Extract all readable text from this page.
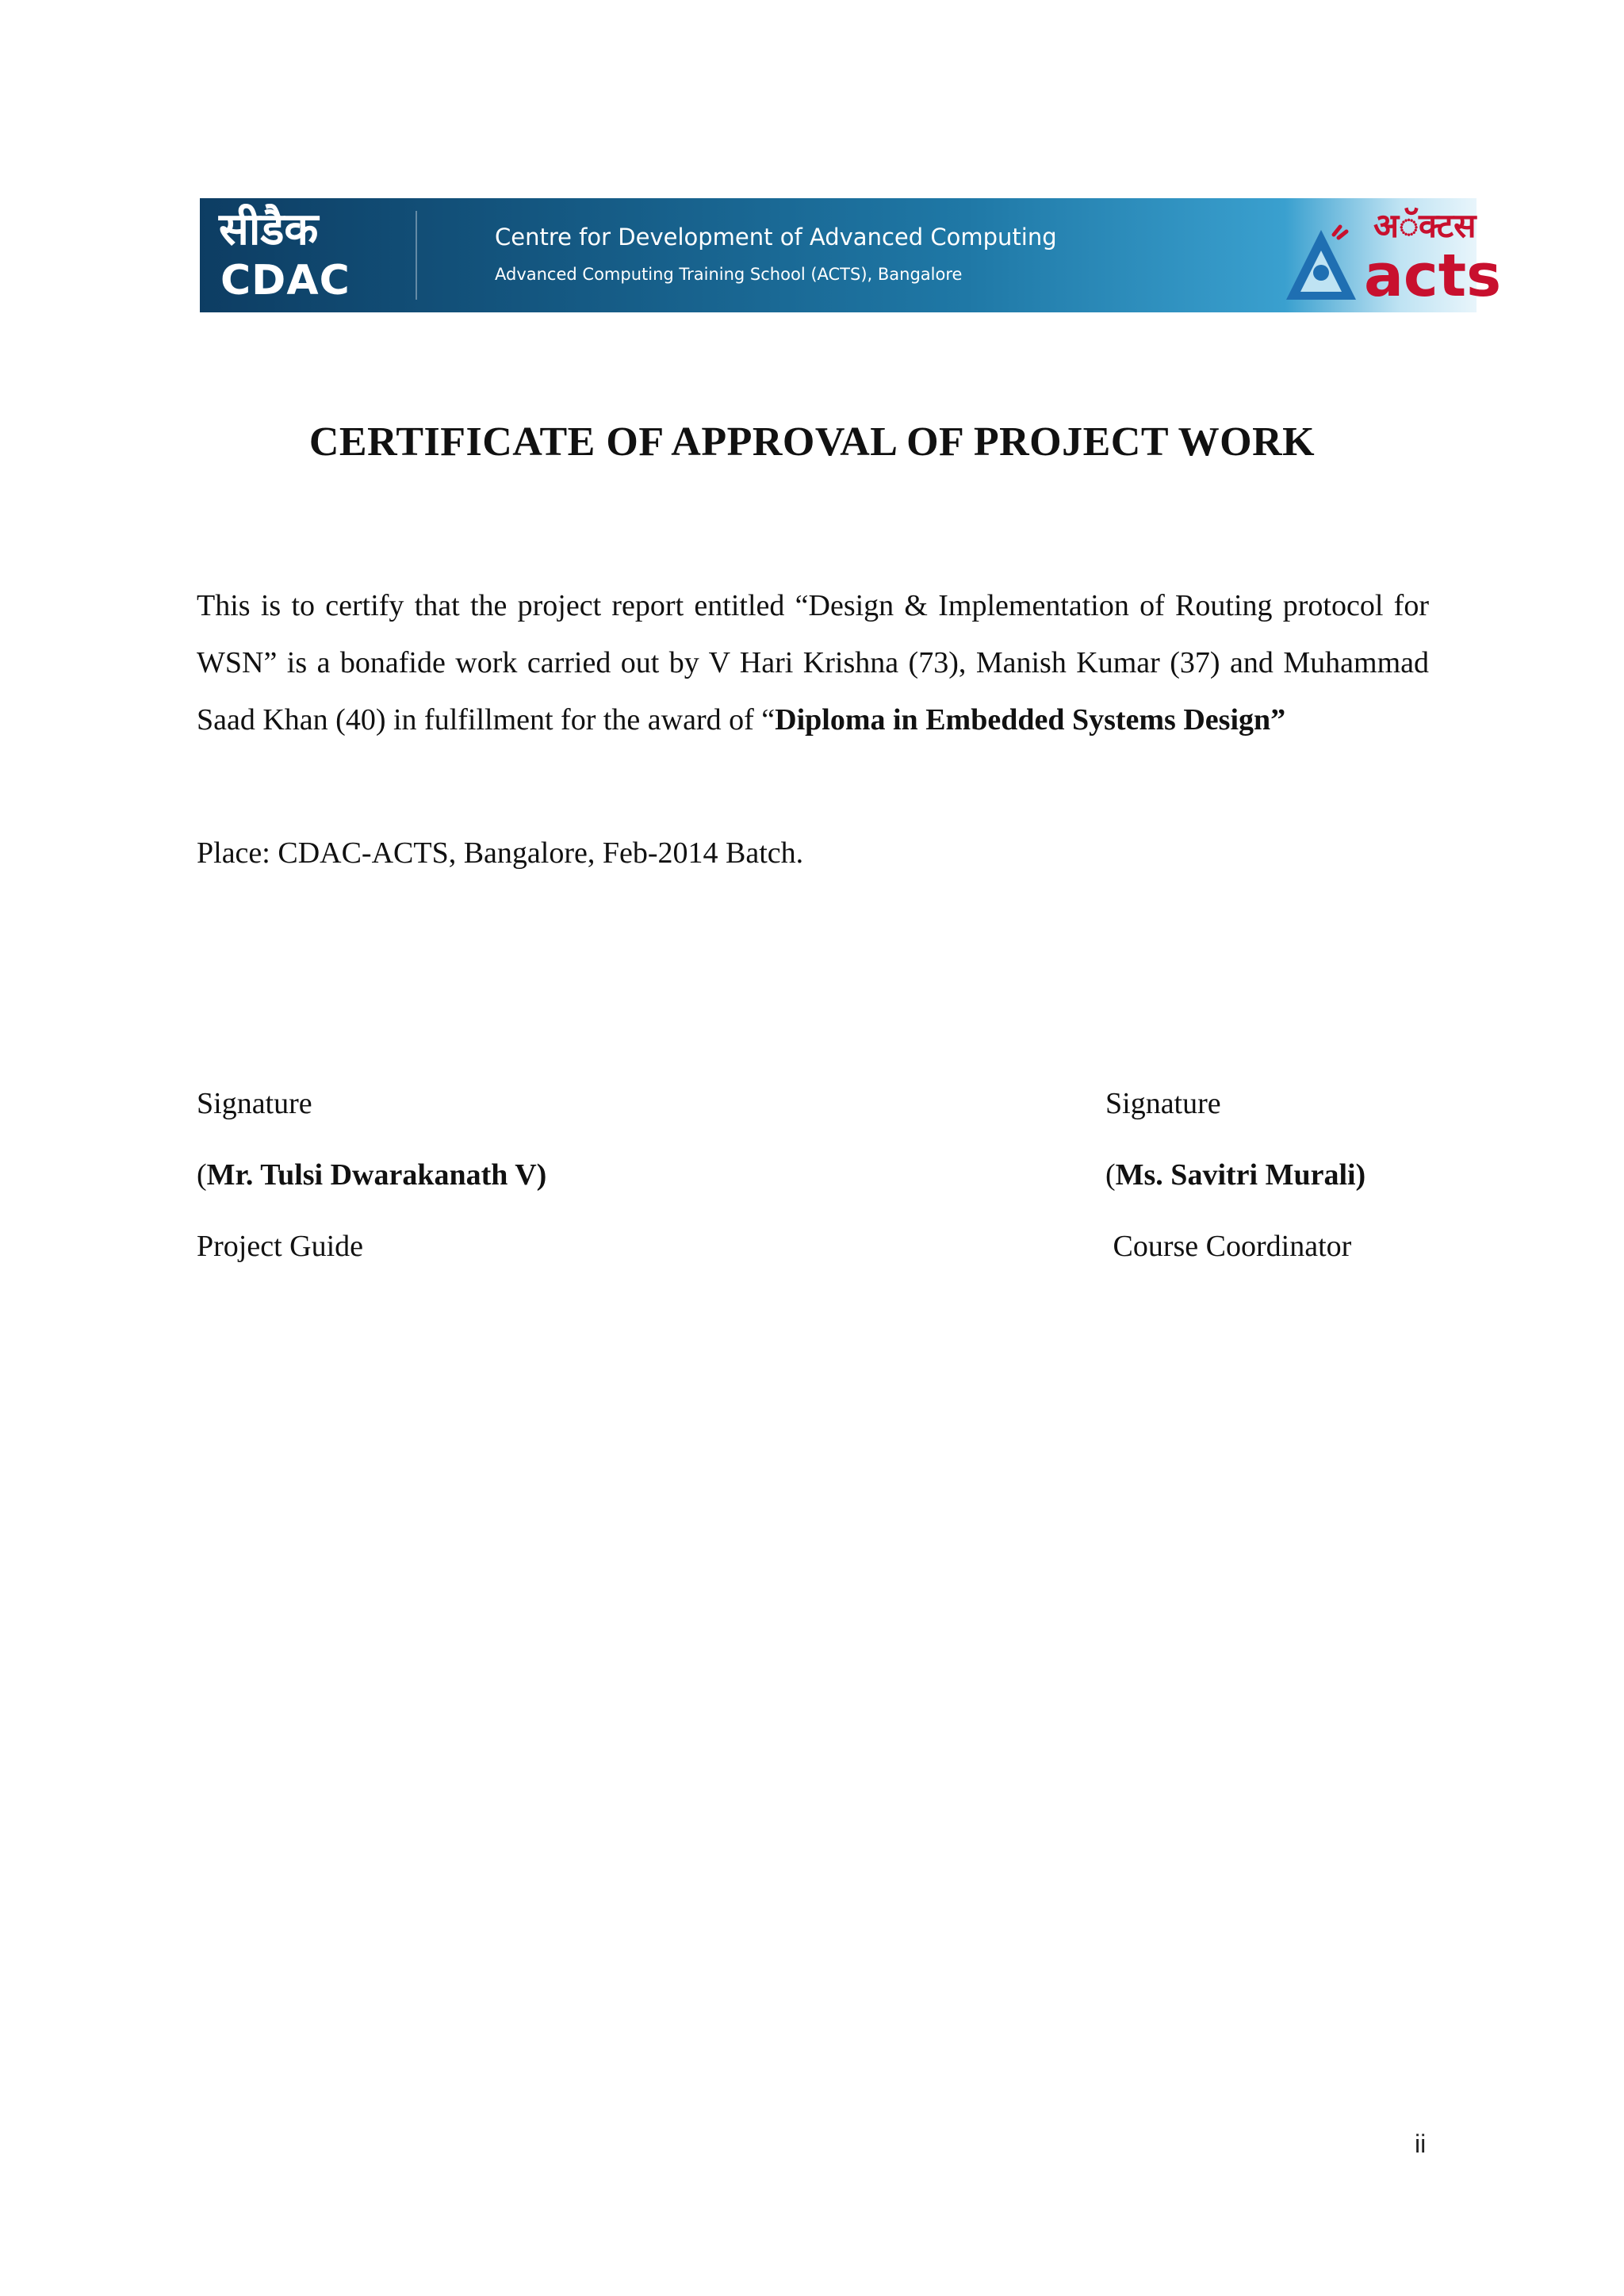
सीडैक
CDAC
Centre for Development of Advanced Computing
Advanced Computing Training School (ACTS), Bangalore
अॅक्टस
acts
CERTIFICATE OF APPROVAL OF PROJECT WORK

This is to certify that the project report entitled “Design & Implementation of Routing protocol for WSN” is a bonafide work carried out by V Hari Krishna (73), Manish Kumar (37) and Muhammad Saad Khan (40) in fulfillment for the award of “Diploma in Embedded Systems Design”

Place: CDAC-ACTS, Bangalore, Feb-2014 Batch.

Signature
(Mr. Tulsi Dwarakanath V)
Project Guide
Signature
(Ms. Savitri Murali)
Course Coordinator
ii
